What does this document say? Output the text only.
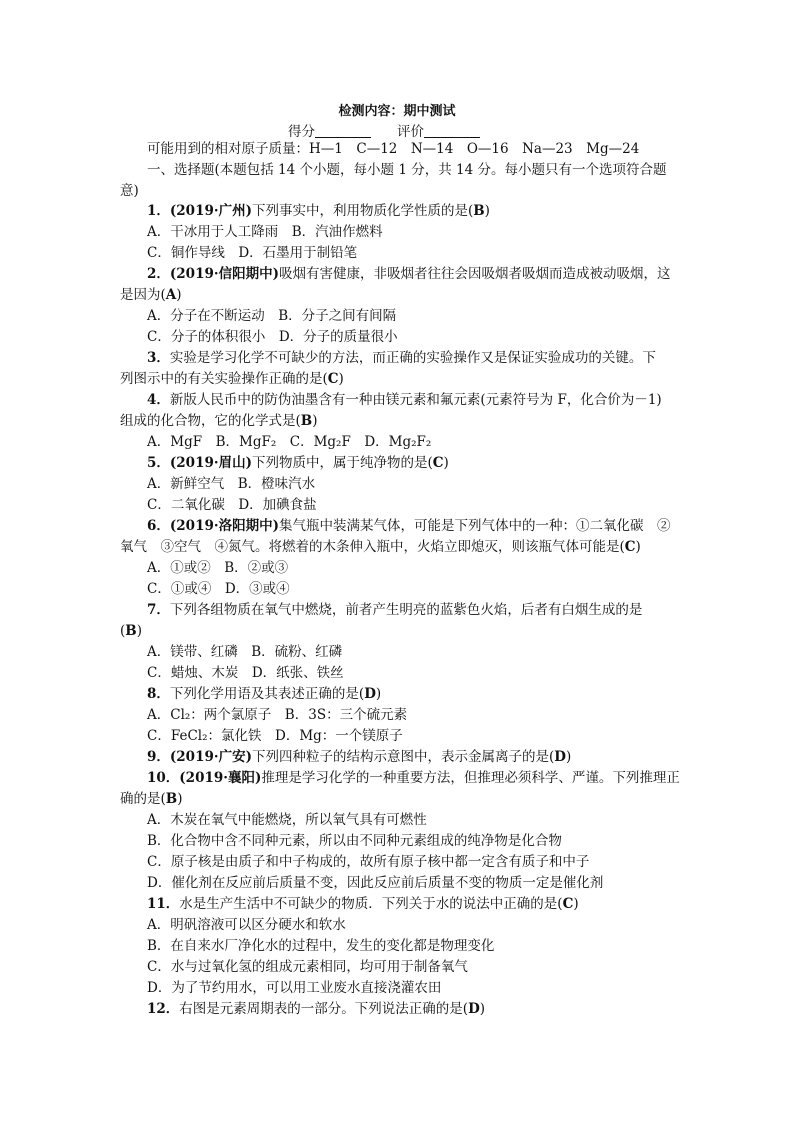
检测内容：期中测试
得分	评价
可能用到的相对原子质量：H—1　C—12　N—14　O—16　Na—23　Mg—24
一、选择题(本题包括 14 个小题，每小题 1 分，共 14 分。每小题只有一个选项符合题
意)
1．(2019·广州)下列事实中，利用物质化学性质的是(B)
A．干冰用于人工降雨　B．汽油作燃料
C．铜作导线　D．石墨用于制铅笔
2．(2019·信阳期中)吸烟有害健康，非吸烟者往往会因吸烟者吸烟而造成被动吸烟，这
是因为(A)
A．分子在不断运动　B．分子之间有间隔
C．分子的体积很小　D．分子的质量很小
3．实验是学习化学不可缺少的方法，而正确的实验操作又是保证实验成功的关键。下
列图示中的有关实验操作正确的是(C)
4．新版人民币中的防伪油墨含有一种由镁元素和氟元素(元素符号为 F，化合价为－1)
组成的化合物，它的化学式是(B)
A．MgF　B．MgF₂　C．Mg₂F　D．Mg₂F₂
5．(2019·眉山)下列物质中，属于纯净物的是(C)
A．新鲜空气　B．橙味汽水
C．二氧化碳　D．加碘食盐
6．(2019·洛阳期中)集气瓶中装满某气体，可能是下列气体中的一种：①二氧化碳　②
氧气　③空气　④氮气。将燃着的木条伸入瓶中，火焰立即熄灭，则该瓶气体可能是(C)
A．①或②　B．②或③
C．①或④　D．③或④
7．下列各组物质在氧气中燃烧，前者产生明亮的蓝紫色火焰，后者有白烟生成的是
(B)
A．镁带、红磷　B．硫粉、红磷
C．蜡烛、木炭　D．纸张、铁丝
8．下列化学用语及其表述正确的是(D)
A．Cl₂：两个氯原子　B．3S：三个硫元素
C．FeCl₂：氯化铁　D．Mg：一个镁原子
9．(2019·广安)下列四种粒子的结构示意图中，表示金属离子的是(D)
10．(2019·襄阳)推理是学习化学的一种重要方法，但推理必须科学、严谨。下列推理正
确的是(B)
A．木炭在氧气中能燃烧，所以氧气具有可燃性
B．化合物中含不同种元素，所以由不同种元素组成的纯净物是化合物
C．原子核是由质子和中子构成的，故所有原子核中都一定含有质子和中子
D．催化剂在反应前后质量不变，因此反应前后质量不变的物质一定是催化剂
11．水是生产生活中不可缺少的物质．下列关于水的说法中正确的是(C)
A．明矾溶液可以区分硬水和软水
B．在自来水厂净化水的过程中，发生的变化都是物理变化
C．水与过氧化氢的组成元素相同，均可用于制备氧气
D．为了节约用水，可以用工业废水直接浇灌农田
12．右图是元素周期表的一部分。下列说法正确的是(D)
